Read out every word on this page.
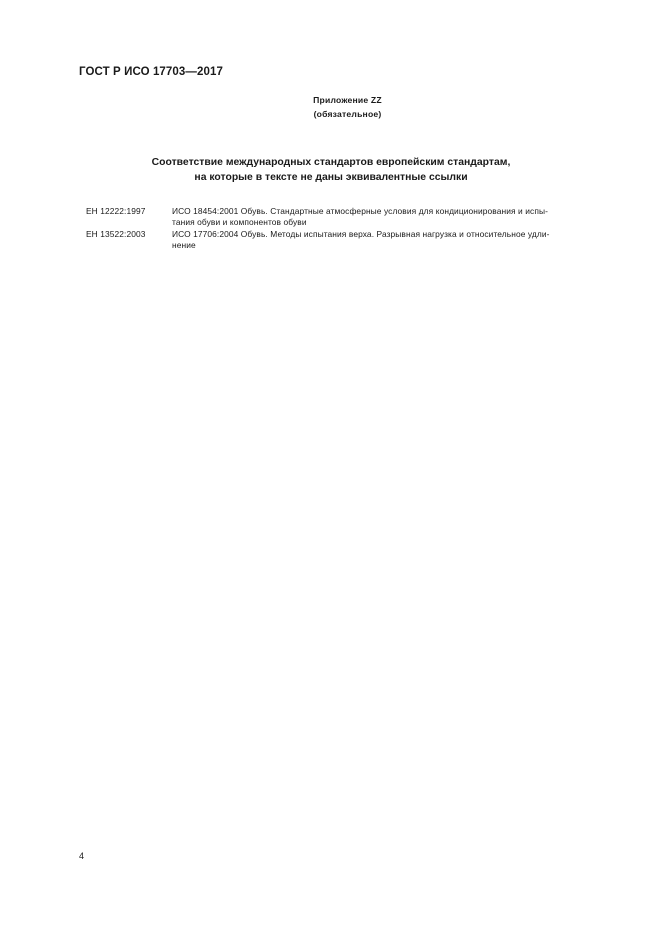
ГОСТ Р ИСО 17703—2017
Приложение ZZ
(обязательное)
Соответствие международных стандартов европейским стандартам,
на которые в тексте не даны эквивалентные ссылки
ЕН 12222:1997	ИСО 18454:2001 Обувь. Стандартные атмосферные условия для кондиционирования и испы-
тания обуви и компонентов обуви
ЕН 13522:2003	ИСО 17706:2004 Обувь. Методы испытания верха. Разрывная нагрузка и относительное удли-
нение
4
